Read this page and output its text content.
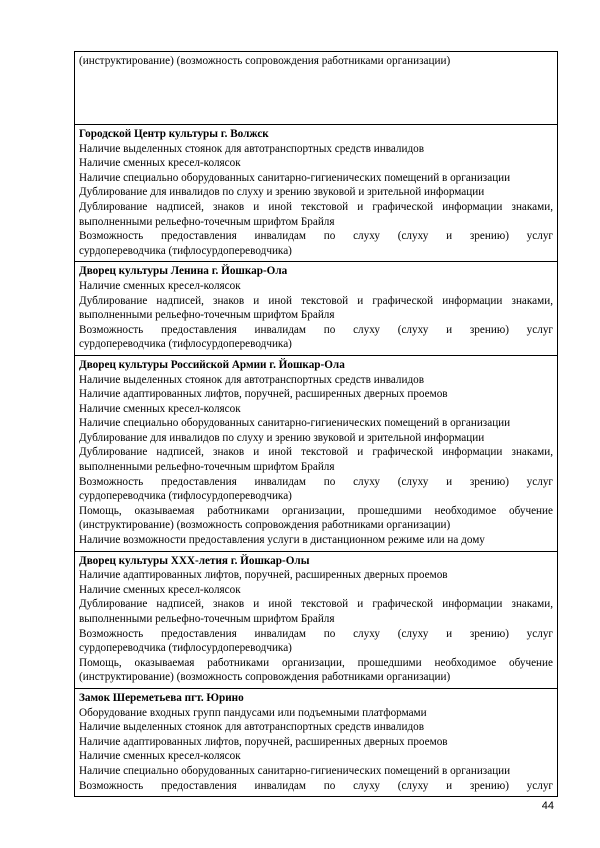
(инструктирование) (возможность сопровождения работниками организации)

Городской Центр культуры г. Волжск
Наличие выделенных стоянок для автотранспортных средств инвалидов
Наличие сменных кресел-колясок
Наличие специально оборудованных санитарно-гигиенических помещений в организации
Дублирование для инвалидов по слуху и зрению звуковой и зрительной информации
Дублирование надписей, знаков и иной текстовой и графической информации знаками,
выполненными рельефно-точечным шрифтом Брайля
Возможность предоставления инвалидам по слуху (слуху и зрению) услуг
сурдопереводчика (тифлосурдопереводчика)

Дворец культуры Ленина г. Йошкар-Ола
Наличие сменных кресел-колясок
Дублирование надписей, знаков и иной текстовой и графической информации знаками,
выполненными рельефно-точечным шрифтом Брайля
Возможность предоставления инвалидам по слуху (слуху и зрению) услуг
сурдопереводчика (тифлосурдопереводчика)

Дворец культуры Российской Армии г. Йошкар-Ола
Наличие выделенных стоянок для автотранспортных средств инвалидов
Наличие адаптированных лифтов, поручней, расширенных дверных проемов
Наличие сменных кресел-колясок
Наличие специально оборудованных санитарно-гигиенических помещений в организации
Дублирование для инвалидов по слуху и зрению звуковой и зрительной информации
Дублирование надписей, знаков и иной текстовой и графической информации знаками,
выполненными рельефно-точечным шрифтом Брайля
Возможность предоставления инвалидам по слуху (слуху и зрению) услуг
сурдопереводчика (тифлосурдопереводчика)
Помощь, оказываемая работниками организации, прошедшими необходимое обучение
(инструктирование) (возможность сопровождения работниками организации)
Наличие возможности предоставления услуги в дистанционном режиме или на дому

Дворец культуры XXX-летия г. Йошкар-Олы
Наличие адаптированных лифтов, поручней, расширенных дверных проемов
Наличие сменных кресел-колясок
Дублирование надписей, знаков и иной текстовой и графической информации знаками,
выполненными рельефно-точечным шрифтом Брайля
Возможность предоставления инвалидам по слуху (слуху и зрению) услуг
сурдопереводчика (тифлосурдопереводчика)
Помощь, оказываемая работниками организации, прошедшими необходимое обучение
(инструктирование) (возможность сопровождения работниками организации)

Замок Шереметьева пгт. Юрино
Оборудование входных групп пандусами или подъемными платформами
Наличие выделенных стоянок для автотранспортных средств инвалидов
Наличие адаптированных лифтов, поручней, расширенных дверных проемов
Наличие сменных кресел-колясок
Наличие специально оборудованных санитарно-гигиенических помещений в организации
Возможность предоставления инвалидам по слуху (слуху и зрению) услуг
44
